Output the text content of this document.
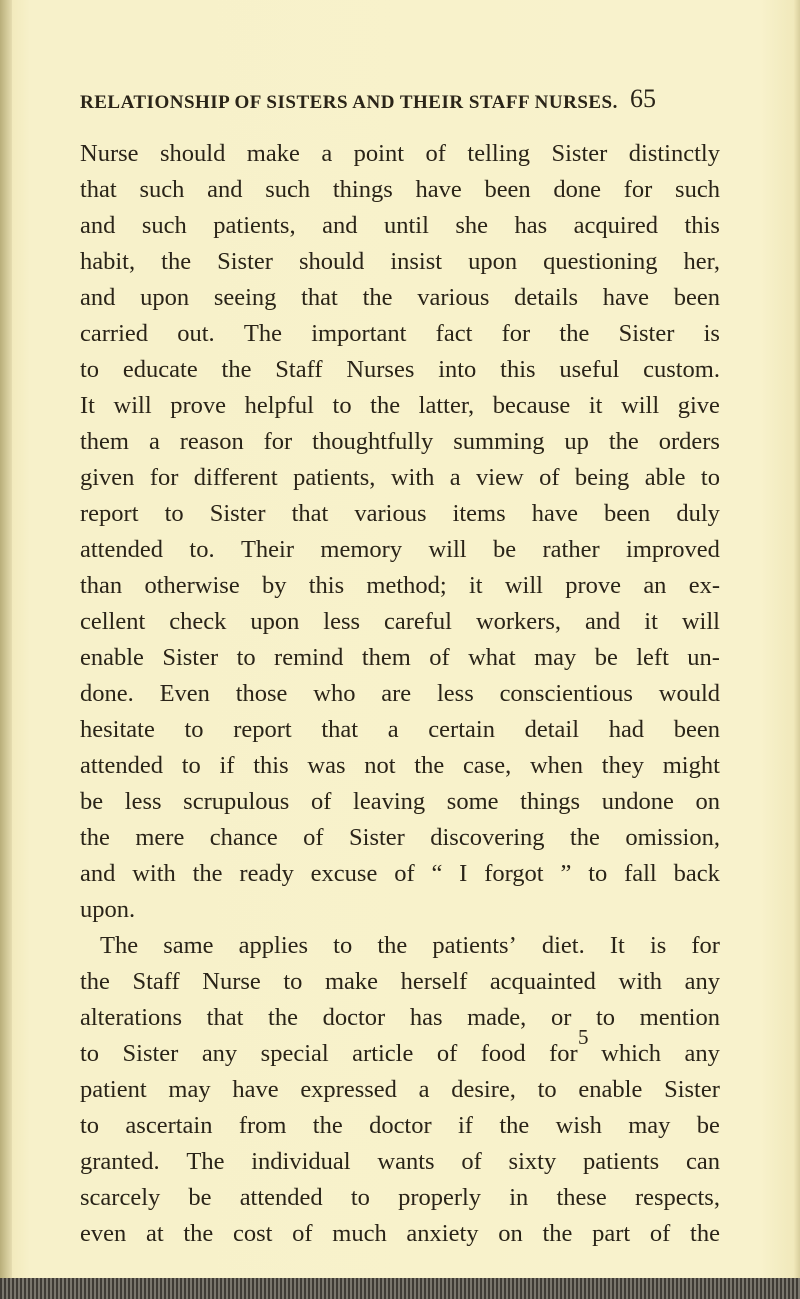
RELATIONSHIP OF SISTERS AND THEIR STAFF NURSES. 65
Nurse should make a point of telling Sister distinctly
that such and such things have been done for such
and such patients, and until she has acquired this
habit, the Sister should insist upon questioning her,
and upon seeing that the various details have been
carried out. The important fact for the Sister is
to educate the Staff Nurses into this useful custom.
It will prove helpful to the latter, because it will give
them a reason for thoughtfully summing up the orders
given for different patients, with a view of being able to
report to Sister that various items have been duly
attended to. Their memory will be rather improved
than otherwise by this method; it will prove an ex-
cellent check upon less careful workers, and it will
enable Sister to remind them of what may be left un-
done. Even those who are less conscientious would
hesitate to report that a certain detail had been
attended to if this was not the case, when they might
be less scrupulous of leaving some things undone on
the mere chance of Sister discovering the omission,
and with the ready excuse of “ I forgot ” to fall back
upon.
The same applies to the patients’ diet. It is for
the Staff Nurse to make herself acquainted with any
alterations that the doctor has made, or to mention
to Sister any special article of food for which any
patient may have expressed a desire, to enable Sister
to ascertain from the doctor if the wish may be
granted. The individual wants of sixty patients can
scarcely be attended to properly in these respects,
even at the cost of much anxiety on the part of the
5
